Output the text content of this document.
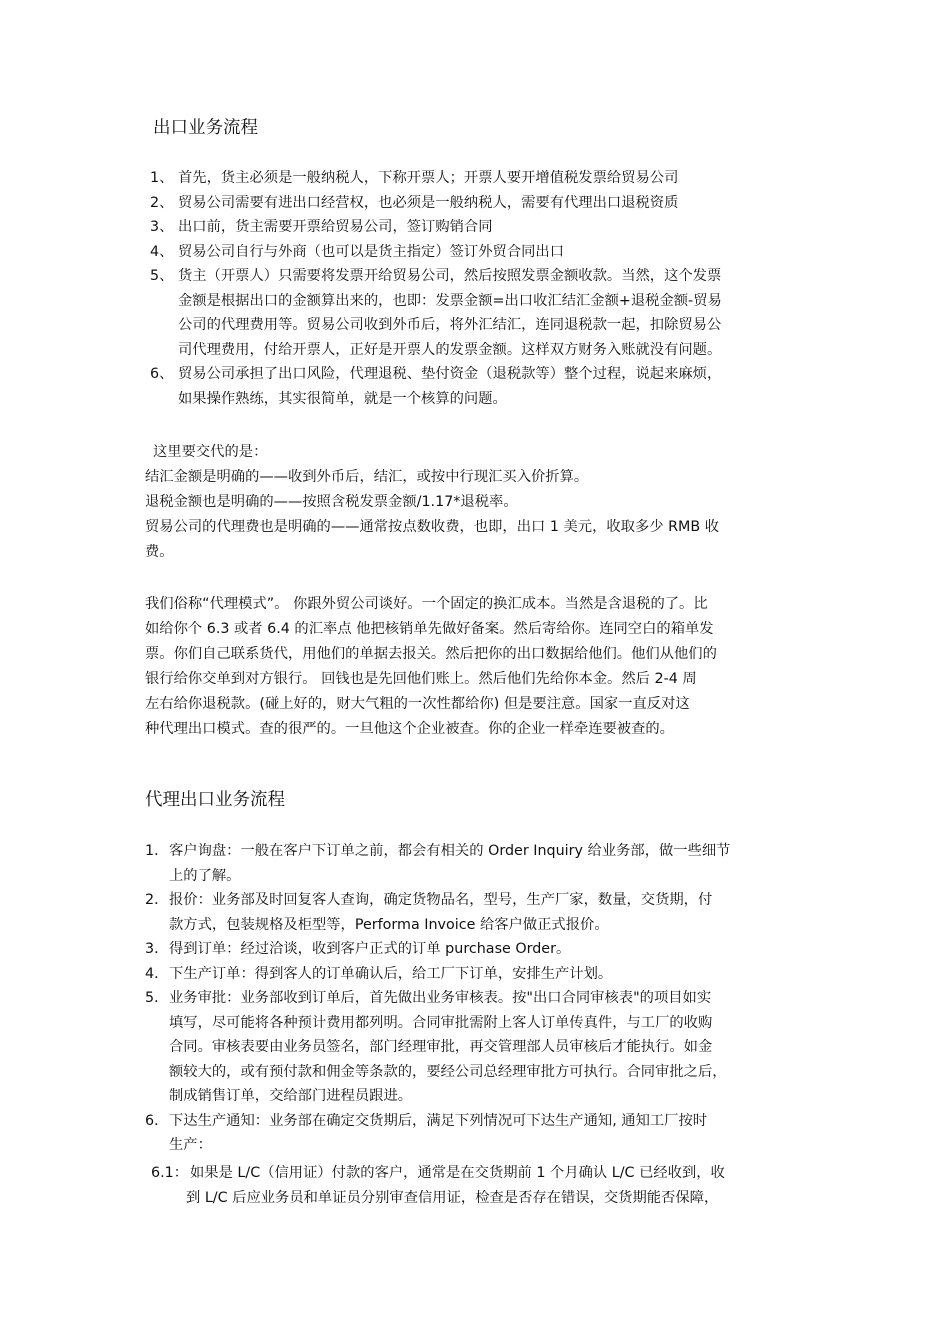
出口业务流程
1、 首先，货主必须是一般纳税人，下称开票人；开票人要开增值税发票给贸易公司
2、 贸易公司需要有进出口经营权，也必须是一般纳税人，需要有代理出口退税资质
3、 出口前，货主需要开票给贸易公司，签订购销合同
4、 贸易公司自行与外商（也可以是货主指定）签订外贸合同出口
5、 货主（开票人）只需要将发票开给贸易公司，然后按照发票金额收款。当然，这个发票
金额是根据出口的金额算出来的，也即：发票金额=出口收汇结汇金额+退税金额-贸易
公司的代理费用等。贸易公司收到外币后，将外汇结汇，连同退税款一起，扣除贸易公
司代理费用，付给开票人，正好是开票人的发票金额。这样双方财务入账就没有问题。
6、 贸易公司承担了出口风险，代理退税、垫付资金（退税款等）整个过程，说起来麻烦，
如果操作熟练，其实很简单，就是一个核算的问题。
这里要交代的是：
结汇金额是明确的——收到外币后，结汇，或按中行现汇买入价折算。
退税金额也是明确的——按照含税发票金额/1.17*退税率。
贸易公司的代理费也是明确的——通常按点数收费，也即，出口 1 美元，收取多少 RMB 收
费。
我们俗称“代理模式”。 你跟外贸公司谈好。一个固定的换汇成本。当然是含退税的了。比
如给你个 6.3 或者 6.4 的汇率点 他把核销单先做好备案。然后寄给你。连同空白的箱单发
票。你们自己联系货代，用他们的单据去报关。然后把你的出口数据给他们。他们从他们的
银行给你交单到对方银行。 回钱也是先回他们账上。然后他们先给你本金。然后 2-4 周
左右给你退税款。(碰上好的，财大气粗的一次性都给你) 但是要注意。国家一直反对这
种代理出口模式。查的很严的。一旦他这个企业被查。你的企业一样牵连要被查的。
代理出口业务流程
1． 客户询盘：一般在客户下订单之前，都会有相关的 Order Inquiry 给业务部，做一些细节
上的了解。
2． 报价：业务部及时回复客人查询，确定货物品名，型号，生产厂家，数量，交货期，付
款方式，包装规格及柜型等，Performa Invoice 给客户做正式报价。
3． 得到订单：经过洽谈，收到客户正式的订单 purchase Order。
4． 下生产订单：得到客人的订单确认后，给工厂下订单，安排生产计划。
5． 业务审批：业务部收到订单后，首先做出业务审核表。按"出口合同审核表"的项目如实
填写，尽可能将各种预计费用都列明。合同审批需附上客人订单传真件，与工厂的收购
合同。审核表要由业务员签名，部门经理审批，再交管理部人员审核后才能执行。如金
额较大的，或有预付款和佣金等条款的，要经公司总经理审批方可执行。合同审批之后，
制成销售订单，交给部门进程员跟进。
6． 下达生产通知：业务部在确定交货期后，满足下列情况可下达生产通知, 通知工厂按时
生产：
6.1： 如果是 L/C（信用证）付款的客户，通常是在交货期前 1 个月确认 L/C 已经收到，收
到 L/C 后应业务员和单证员分别审查信用证，检查是否存在错误，交货期能否保障，
